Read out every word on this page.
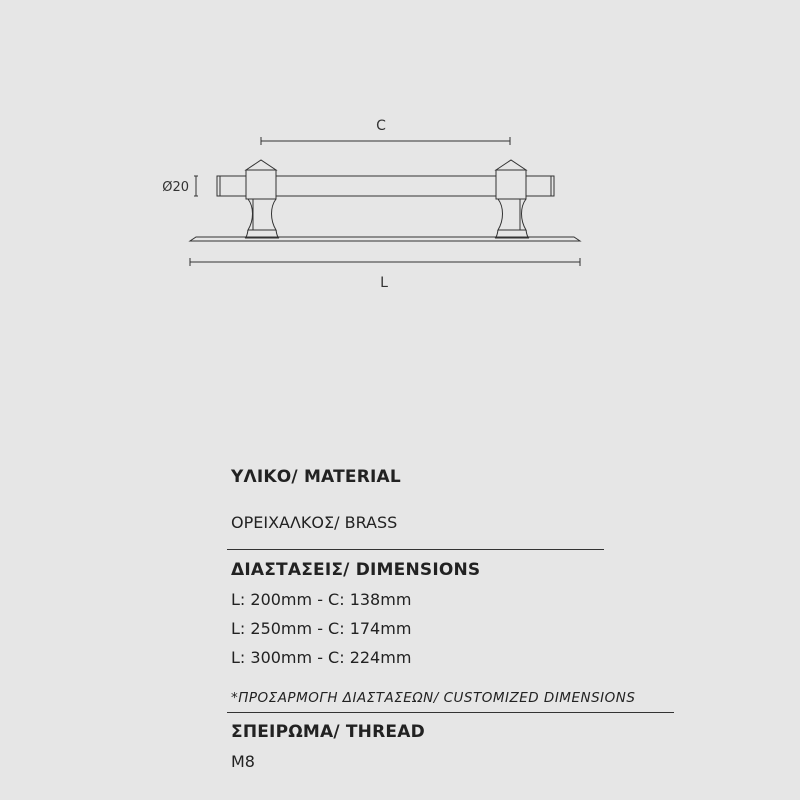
C
Ø20
L
ΥΛΙΚΟ/ MATERIAL
ΟΡΕΙΧΑΛΚΟΣ/ BRASS
ΔΙΑΣΤΑΣΕΙΣ/ DIMENSIONS
L: 200mm - C: 138mm
L: 250mm - C: 174mm
L: 300mm - C: 224mm
*ΠΡΟΣΑΡΜΟΓΗ ΔΙΑΣΤΑΣΕΩΝ/ CUSTOMIZED DIMENSIONS
ΣΠΕΙΡΩΜΑ/ THREAD
M8
